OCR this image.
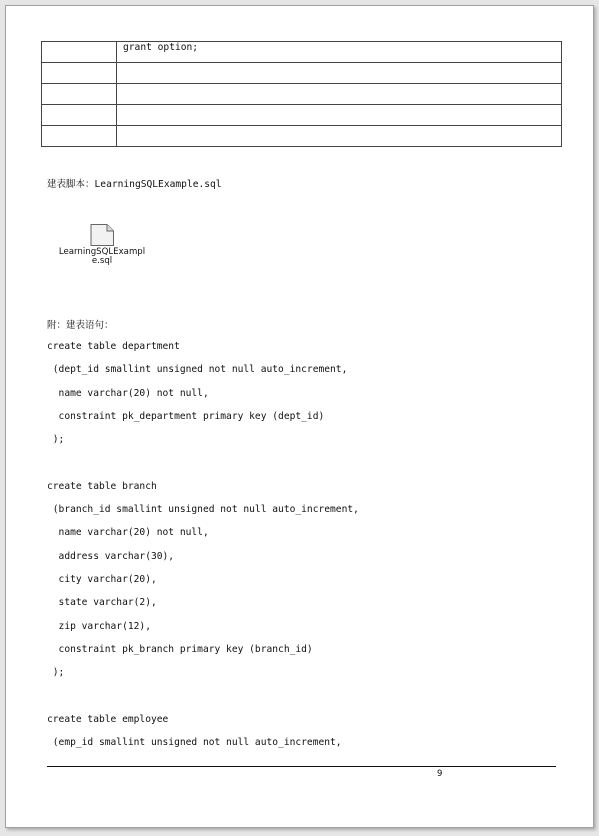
	grant option;

建表脚本：LearningSQLExample.sql
LearningSQLExampl
e.sql
附：建表语句：
create table department
(dept_id smallint unsigned not null auto_increment,
name varchar(20) not null,
constraint pk_department primary key (dept_id)
);
create table branch
(branch_id smallint unsigned not null auto_increment,
name varchar(20) not null,
address varchar(30),
city varchar(20),
state varchar(2),
zip varchar(12),
constraint pk_branch primary key (branch_id)
);
create table employee
(emp_id smallint unsigned not null auto_increment,
9
